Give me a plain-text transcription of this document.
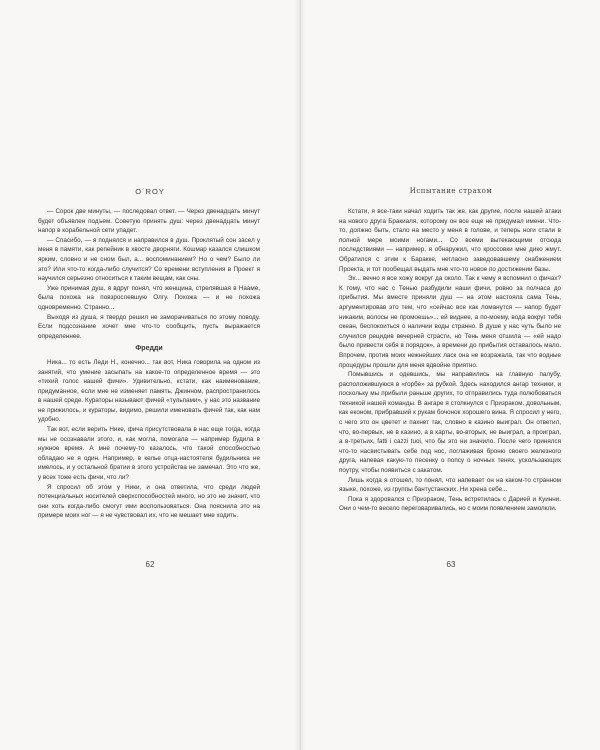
O´ROY

— Сорок две минуты, — последовал ответ. — Через двенадцать минут будет объявлен подъем. Советую принять душ: через двенадцать минут напор в корабельной сети упадет.

— Спасибо, — я поднялся и направился в душ. Проклятый сон засел у меня в памяти, как репейник в хвосте дворняги. Кошмар казался слишком ярким, словно и не сном был, а... воспоминанием? Но о чем? Было ли это? Или что-то когда-либо случится? Со времени вступления в Проект я научился серьезно относиться к таким вещам, как сны.

Уже принимая душ, я вдруг понял, что женщина, стрелявшая в Нааме, была похожа на повзрослевшую Олгу. Похожа — и не похожа одновременно. Странно...

Выходя из душа, я твердо решил не заморачиваться по этому поводу. Если подсознание хочет мне что-то сообщить, пусть выражается определеннее.

Фредди

Ника... то есть Леди Н., конечно... так вот, Ника говорила на одном из занятий, что умение засыпать на какое-то определенное время — это «тихий голос нашей фичи». Удивительно, кстати, как наименование, придуманное, если мне не изменяет память, Джинном, распространилось в нашей среде. Кураторы называют фичей «тульпами», у нас это название не прижилось, и кураторы, видимо, решили именовать фичей так, как нам удобно.

Так вот, если верить Нике, фича присутствовала в нас еще тогда, когда мы не осознавали этого, и, как могла, помогала — например будила в нужное время. А мне почему-то казалось, что такой способностью обладаю не я один. Например, в келье отца-настоятеля будильника не имелось, и у остальной братии в этого устройства не замечал. Это что же, у всех тоже есть фичи, что ли?

Я спросил об этом у Ники, и она ответила, что среди людей потенциальных носителей сверхспособностей много, но это не значит, что они хоть когда-либо смогут ими воспользоваться. Она пояснила это на примере моих ног — я не чувствовал их, что не мешает мне ходить.

62
Испытание страхом

Кстати, я все-таки начал ходить так же, как другие, после нашей атаки на нового друга Бракиаля, которому он все еще не придумал имени. Что-то, должно быть, стало на место у меня в голове, и теперь ноги стали в полной мере моими ногами... Со всеми вытекающими отсюда последствиями — например, я обнаружил, что кроссовки мне дико жмут. Обратился с этим к Баракке, негласно заведовавшему снабжением Проекта, и тот пообещал выдать мне что-то новое по достижении базы.

Эх... вечно я все хожу вокруг да около. Так к чему я вспомнил о фичах? К тому, что нас с Тенью разбудили наши фичи, ровно за полчаса до прибытия. Мы вместе приняли душ — на этом настояла сама Тень, аргументировав это тем, что «сейчас все как ломанутся — напор будет никаким, волосы не промоешь»... ей виднее, а по-моему, вода вокруг тебя океан, беспокоиться о наличии воды странно. В душе у нас чуть было не случился рецидив вечерней страсти, но Тень меня отшила — «ей надо было привести себя в порядок», а времени до прибытия оставалось мало. Впрочем, против моих нежнейших ласк она не возражала, так что водные процедуры прошли для меня вдвойне приятно.

Помывшись и одевшись, мы направились на главную палубу, расположившуюся в «горбе» за рубкой. Здесь находился ангар техники, и поскольку мы прибыли раньше других, то отправились туда полюбоваться техникой нашей команды. В ангаре я столкнулся с Призраком, довольным, как економ, прибравший к рукам бочонок хорошего вина. Я спросил у него, с чего это он цветет и пахнет так, словно в казино выиграл. Он ответил, что, во-первых, не в казино, а в карты, во-вторых, не выиграл, а проиграл, а в-третьих, fatti i cazzi tuoi, что бы это ни значило. После чего принялся что-то насвистывать себе под нос, поглаживая броню своего железного друга, напевая какую-то песенку о попсу о ночных тенях, ускользающих поутру, чтобы появиться с закатом.

Лишь когда я отошел, то понял, что напевает он на каком-то странном языке, похоже, из группы бантустанских. Ни хрена себе...

Пока я здоровался с Призраком, Тень встретилась с Дарией и Куинни. Они о чем-то весело переговаривались, но с моим появлением замолкли.

63
